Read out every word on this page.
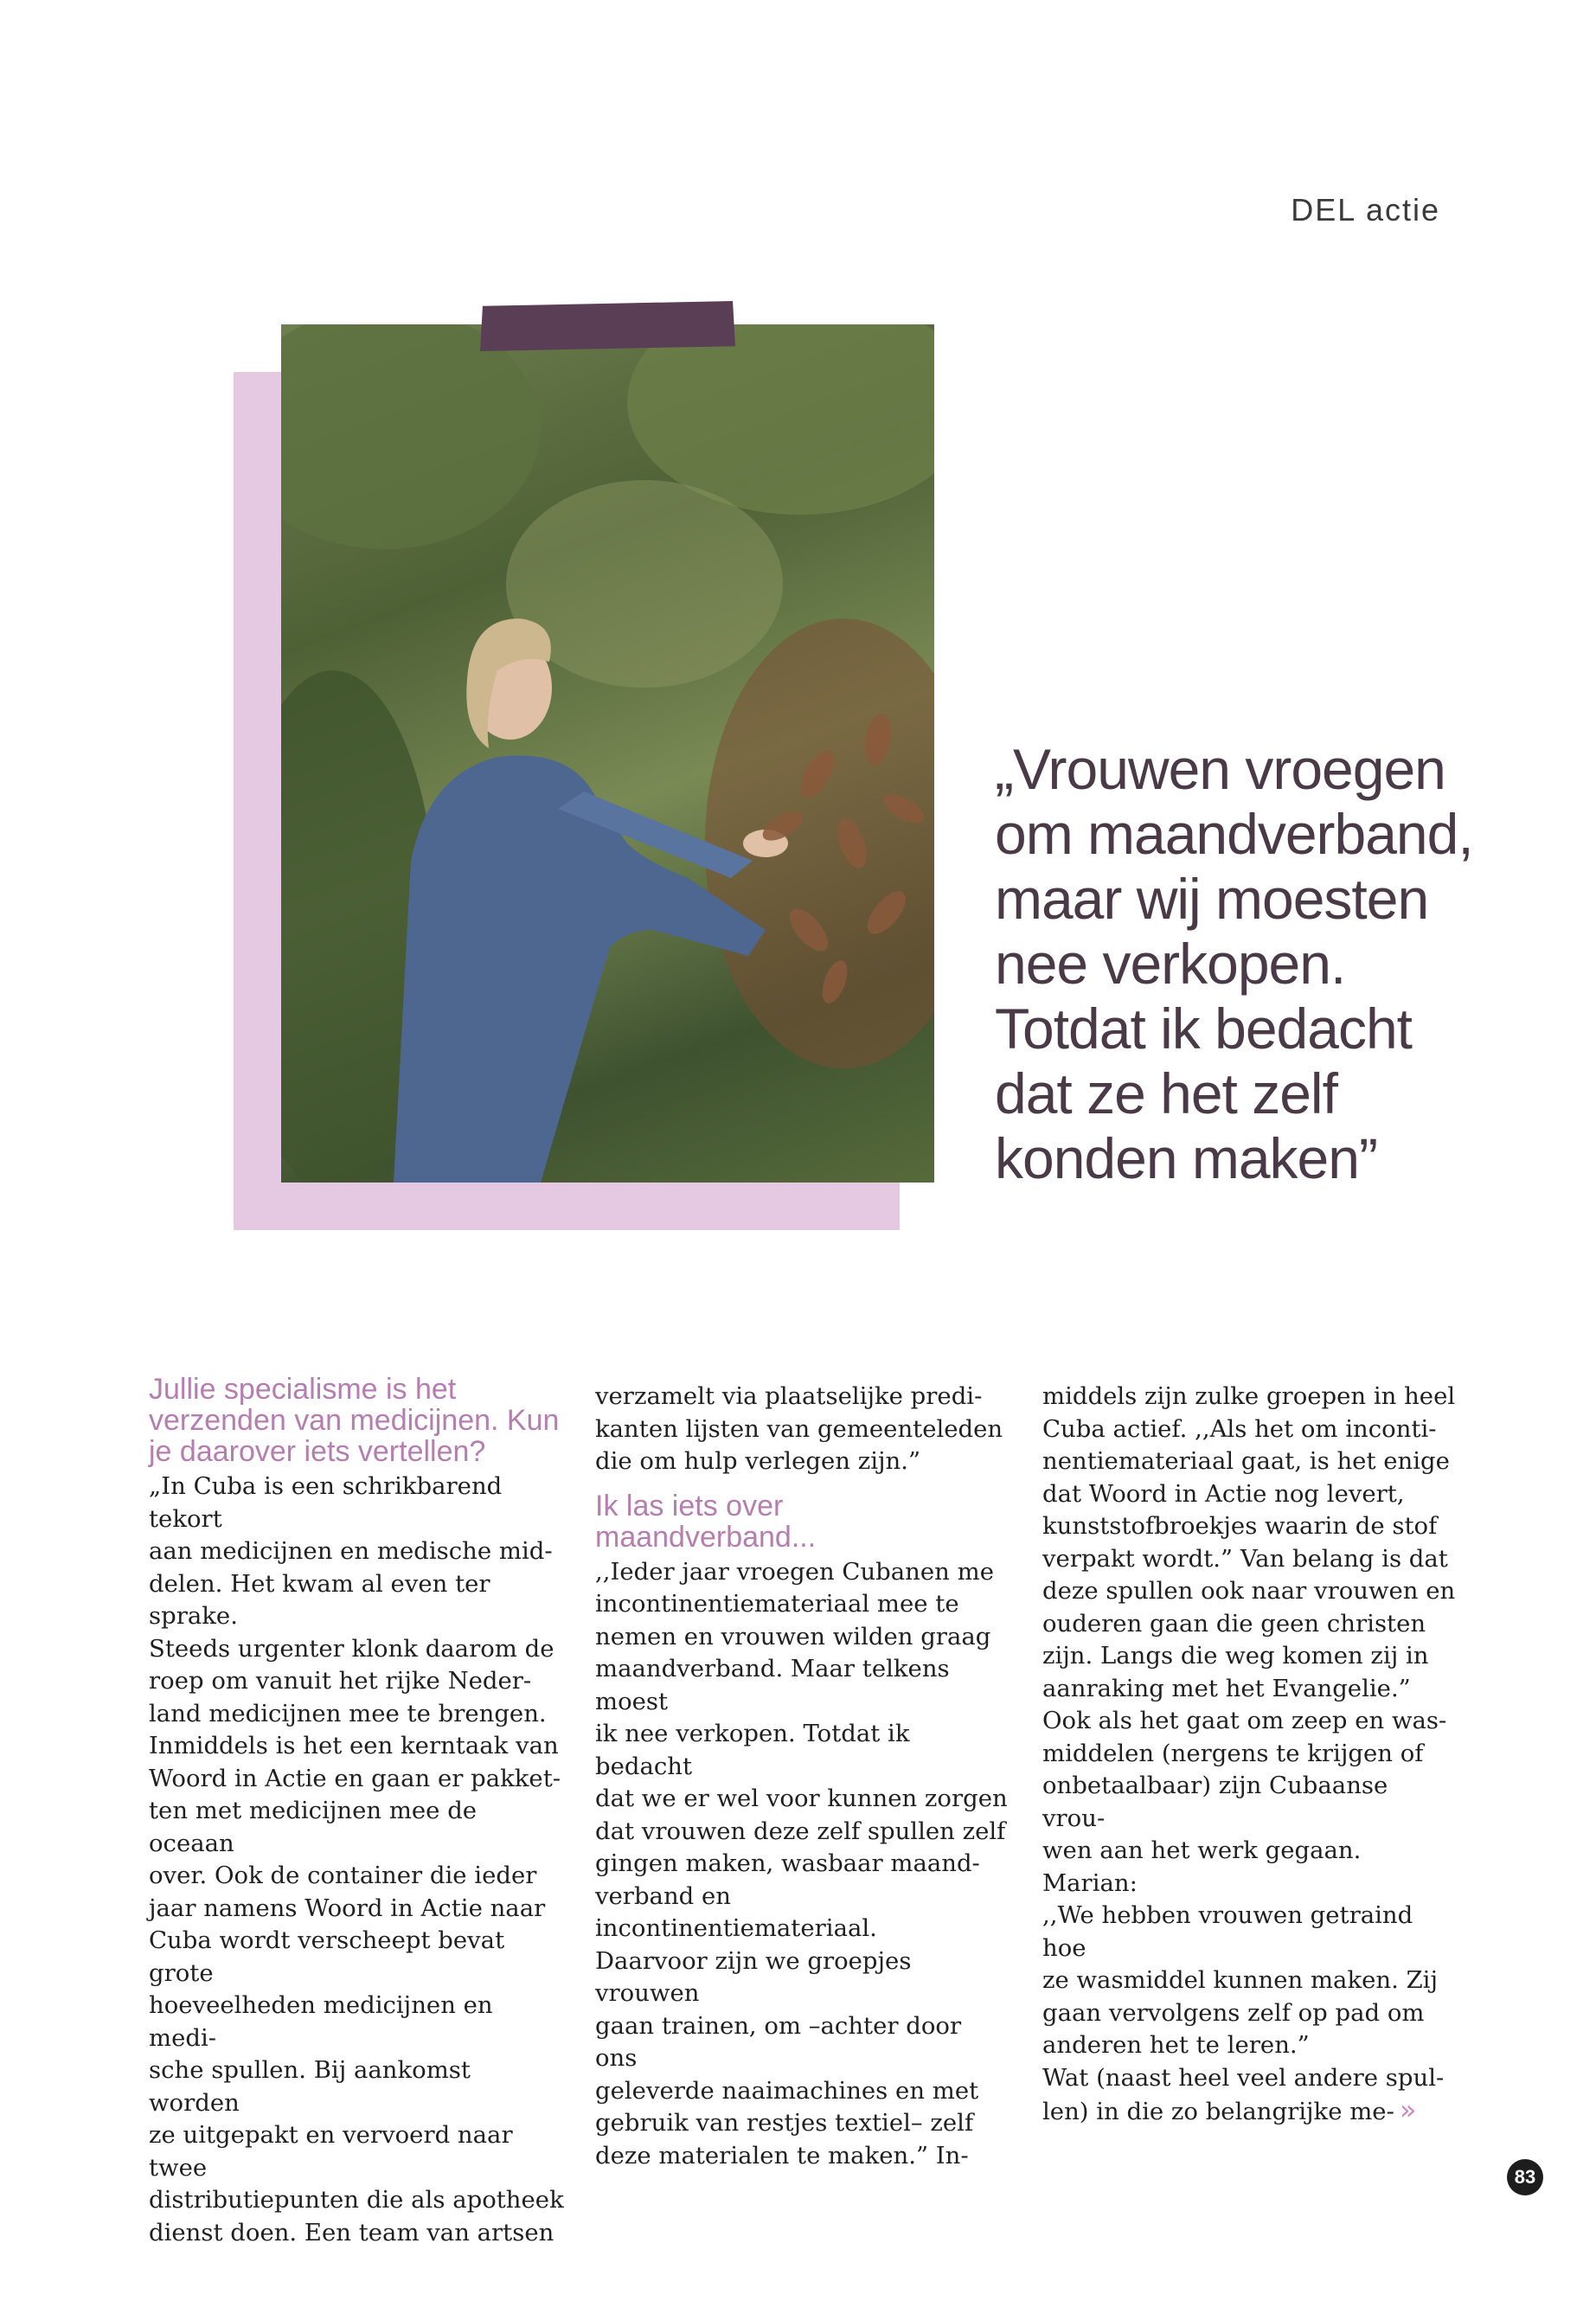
DEL actie
„Vrouwen vroegen
om maandverband,
maar wij moesten
nee verkopen.
Totdat ik bedacht
dat ze het zelf
konden maken”

Jullie specialisme is het verzenden van medicijnen. Kun je daarover iets vertellen?

„In Cuba is een schrikbarend tekort
aan medicijnen en medische mid-
delen. Het kwam al even ter sprake.
Steeds urgenter klonk daarom de
roep om vanuit het rijke Neder-
land medicijnen mee te brengen.
Inmiddels is het een kerntaak van
Woord in Actie en gaan er pakket-
ten met medicijnen mee de oceaan
over. Ook de container die ieder
jaar namens Woord in Actie naar
Cuba wordt verscheept bevat grote
hoeveelheden medicijnen en medi-
sche spullen. Bij aankomst worden
ze uitgepakt en vervoerd naar twee
distributiepunten die als apotheek
dienst doen. Een team van artsen

verzamelt via plaatselijke predi-
kanten lijsten van gemeenteleden
die om hulp verlegen zijn.”

Ik las iets over maandverband...

,,Ieder jaar vroegen Cubanen me
incontinentiemateriaal mee te
nemen en vrouwen wilden graag
maandverband. Maar telkens moest
ik nee verkopen. Totdat ik bedacht
dat we er wel voor kunnen zorgen
dat vrouwen deze zelf spullen zelf
gingen maken, wasbaar maand-
verband en incontinentiemateriaal.
Daarvoor zijn we groepjes vrouwen
gaan trainen, om –achter door ons
geleverde naaimachines en met
gebruik van restjes textiel– zelf
deze materialen te maken.” In-

middels zijn zulke groepen in heel
Cuba actief. ,,Als het om inconti-
nentiemateriaal gaat, is het enige
dat Woord in Actie nog levert,
kunststofbroekjes waarin de stof
verpakt wordt.” Van belang is dat
deze spullen ook naar vrouwen en
ouderen gaan die geen christen
zijn. Langs die weg komen zij in
aanraking met het Evangelie.”
Ook als het gaat om zeep en was-
middelen (nergens te krijgen of
onbetaalbaar) zijn Cubaanse vrou-
wen aan het werk gegaan. Marian:
,,We hebben vrouwen getraind hoe
ze wasmiddel kunnen maken. Zij
gaan vervolgens zelf op pad om
anderen het te leren.”
Wat (naast heel veel andere spul-

len) in die zo belangrijke me- »

83
